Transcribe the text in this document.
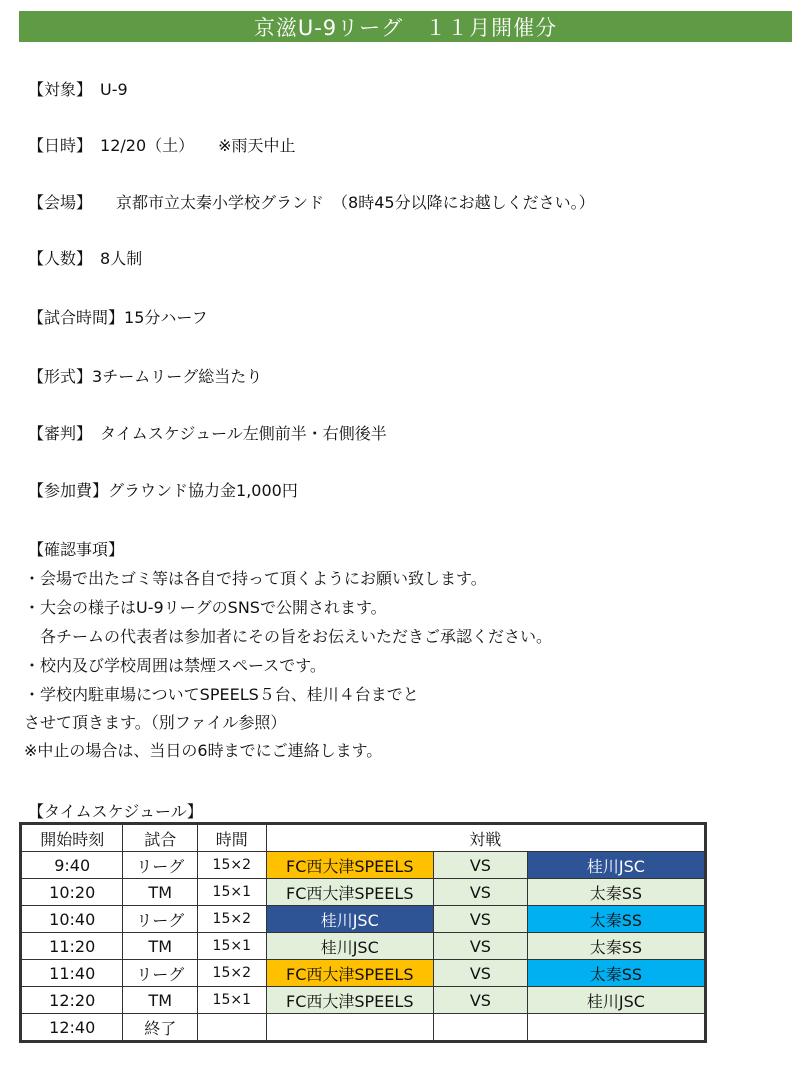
京滋U-9リーグ　１１月開催分
【対象】　 U-9
【日時】　 12/20（土）　　※雨天中止
【会場】　　 京都市立太秦小学校グランド　（8時45分以降にお越しください。）
【人数】　 8人制
【試合時間】15分ハーフ
【形式】3チームリーグ総当たり
【審判】　 タイムスケジュール左側前半・右側後半
【参加費】グラウンド協力金1,000円
【確認事項】
・会場で出たゴミ等は各自で持って頂くようにお願い致します。
・大会の様子はU-9リーグのSNSで公開されます。
　各チームの代表者は参加者にその旨をお伝えいただきご承認ください。
・校内及び学校周囲は禁煙スペースです。
・学校内駐車場についてSPEELS５台、桂川４台までと
させて頂きます。（別ファイル参照）
※中止の場合は、当日の6時までにご連絡します。
【タイムスケジュール】
開始時刻	試合	時間	対戦		
9:40	リーグ	15×2	FC西大津SPEELS	VS	桂川JSC
10:20	TM	15×1	FC西大津SPEELS	VS	太秦SS
10:40	リーグ	15×2	桂川JSC	VS	太秦SS
11:20	TM	15×1	桂川JSC	VS	太秦SS
11:40	リーグ	15×2	FC西大津SPEELS	VS	太秦SS
12:20	TM	15×1	FC西大津SPEELS	VS	桂川JSC
12:40	終了				
